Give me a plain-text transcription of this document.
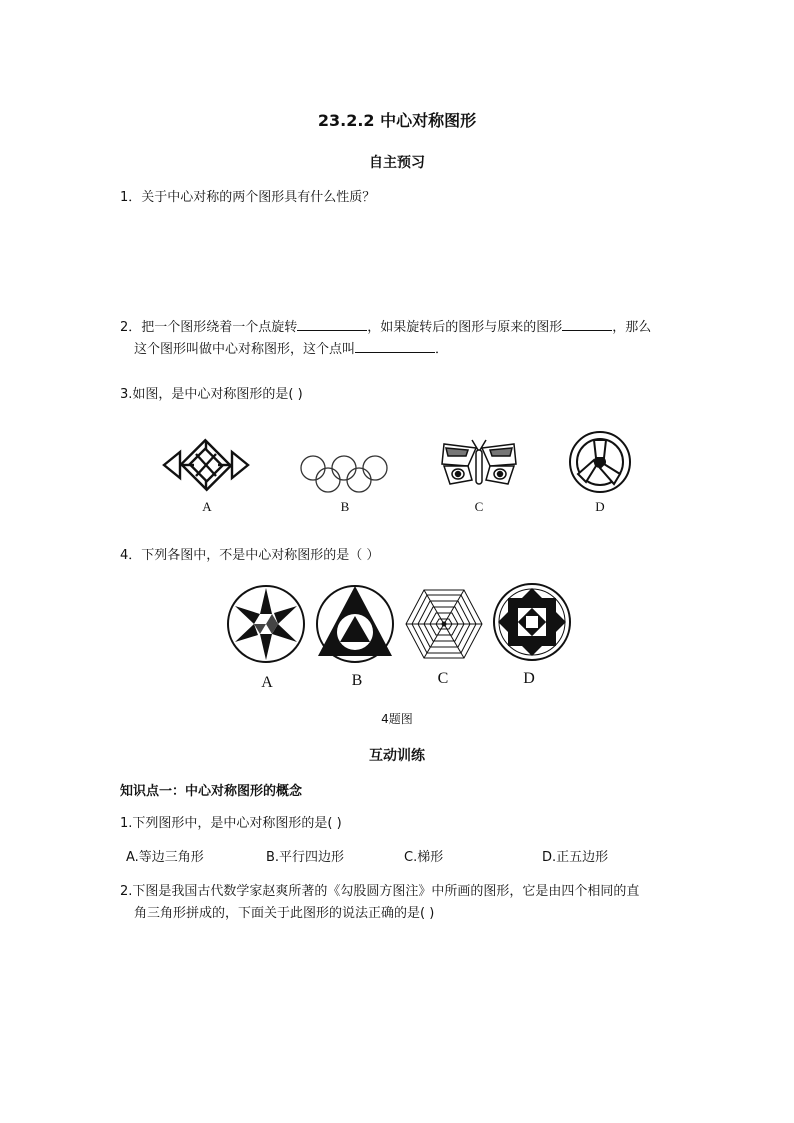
23.2.2 中心对称图形
自主预习
1．关于中心对称的两个图形具有什么性质？
2．把一个图形绕着一个点旋转	，如果旋转后的图形与原来的图形	，那么
这个图形叫做中心对称图形，这个点叫	．
3.如图，是中心对称图形的是( )
A	B	C	D
4．下列各图中，不是中心对称图形的是（ ）
A	B	C	D
4题图
互动训练
知识点一：中心对称图形的概念
1.下列图形中，是中心对称图形的是( )
A.等边三角形	B.平行四边形	C.梯形	D.正五边形
2.下图是我国古代数学家赵爽所著的《勾股圆方图注》中所画的图形，它是由四个相同的直
角三角形拼成的，下面关于此图形的说法正确的是( )
